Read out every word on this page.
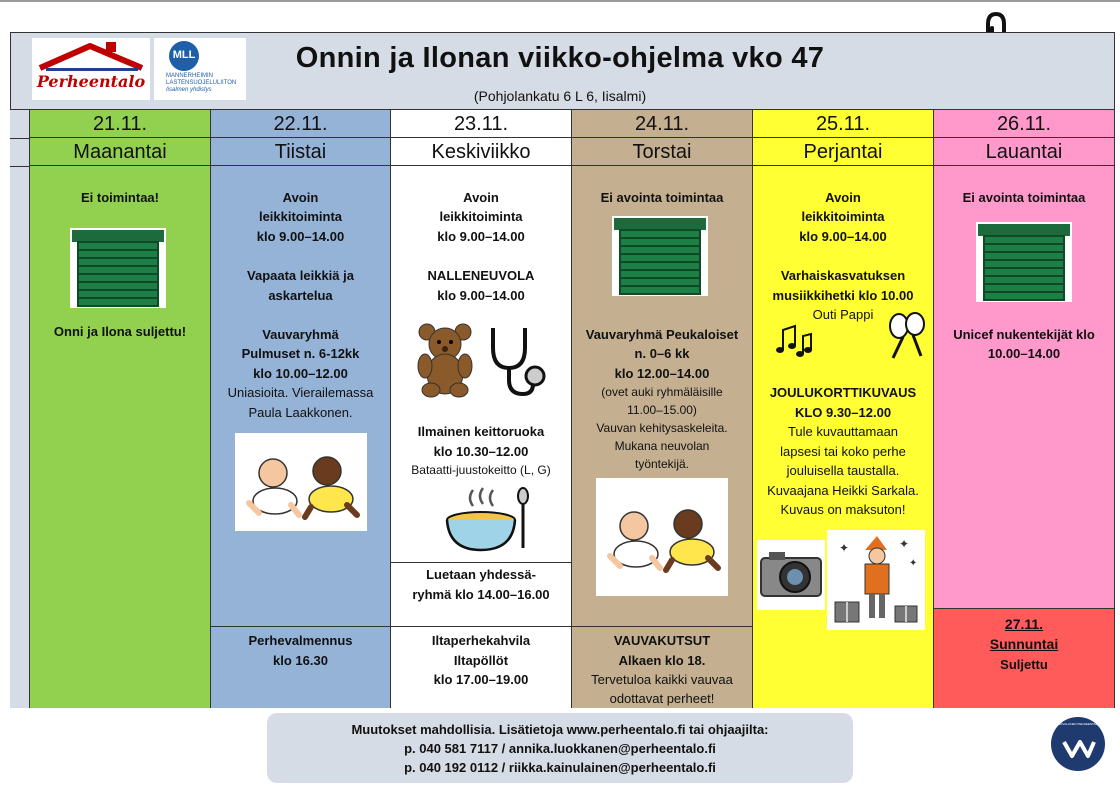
Perheentalo
MLL
MANNERHEIMIN
LASTENSUOJELULIITON
Iisalmen yhdistys
Onnin ja Ilonan viikko-ohjelma vko 47
(Pohjolankatu 6 L 6, Iisalmi)
21.11.
Maanantai
Ei toimintaa!
Onni ja Ilona suljettu!
22.11.
Tiistai
Avoin
leikkitoiminta
klo 9.00–14.00
Vapaata leikkiä ja
askartelua
Vauvaryhmä
Pulmuset n. 6-12kk
klo 10.00–12.00
Uniasioita. Vierailemassa
Paula Laakkonen.
Perhevalmennus
klo 16.30
23.11.
Keskiviikko
Avoin
leikkitoiminta
klo 9.00–14.00
NALLENEUVOLA
klo 9.00–14.00
Ilmainen keittoruoka
klo 10.30–12.00
Bataatti-juustokeitto (L, G)
Luetaan yhdessä-
ryhmä klo 14.00–16.00
Iltaperhekahvila
Iltapöllöt
klo 17.00–19.00
24.11.
Torstai
Ei avointa toimintaa
Vauvaryhmä Peukaloiset
n. 0–6 kk
klo 12.00–14.00
(ovet auki ryhmäläisille
11.00–15.00)
Vauvan kehitysaskeleita.
Mukana neuvolan
työntekijä.
VAUVAKUTSUT
Alkaen klo 18.
Tervetuloa kaikki vauvaa
odottavat perheet!
25.11.
Perjantai
Avoin
leikkitoiminta
klo 9.00–14.00
Varhaiskasvatuksen
musiikkihetki klo 10.00
Outi Pappi
JOULUKORTTIKUVAUS
KLO 9.30–12.00
Tule kuvauttamaan
lapsesi tai koko perhe
jouluisella taustalla.
Kuvaajana Heikki Sarkala.
Kuvaus on maksuton!
✦	✦
✦
26.11.
Lauantai
Ei avointa toimintaa
Unicef nukentekijät klo
10.00–14.00
27.11.
Sunnuntai
Suljettu
Muutokset mahdollisia. Lisätietoja www.perheentalo.fi tai ohjaajilta:
p. 040 581 7117 / annika.luokkanen@perheentalo.fi
p. 040 192 0112 / riikka.kainulainen@perheentalo.fi
TURVALLINEN PERHEENTALO
